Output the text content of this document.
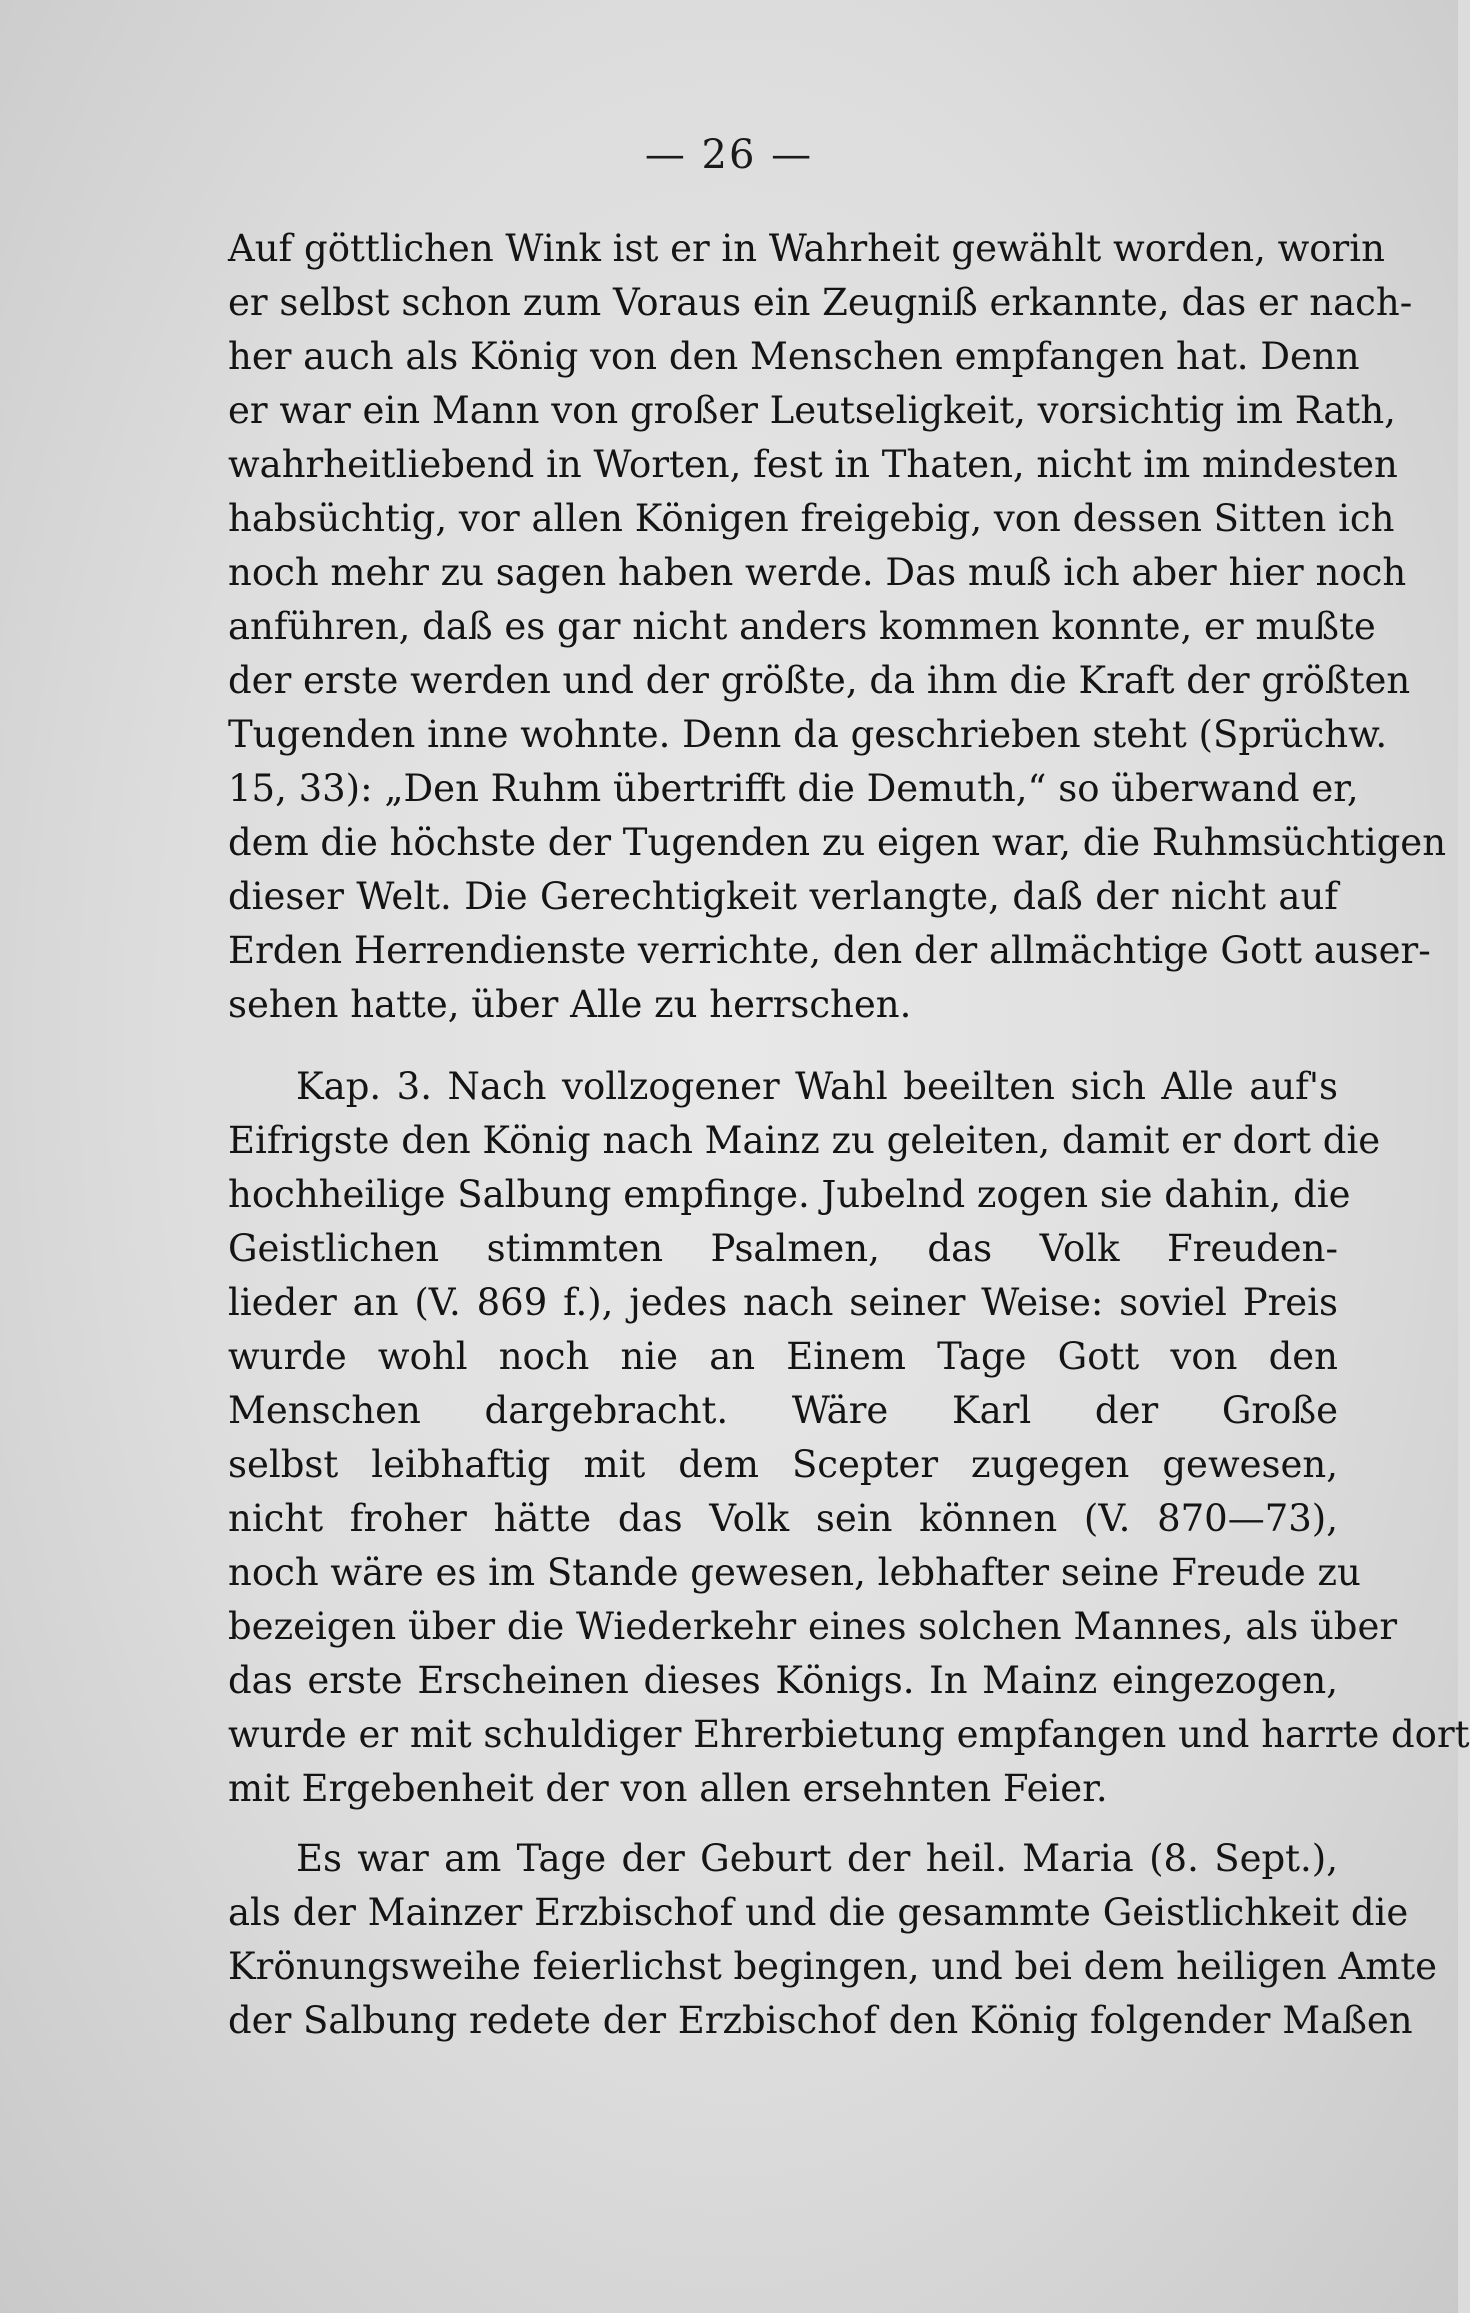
— 26 —
Auf göttlichen Wink ist er in Wahrheit gewählt worden, worin
er selbst schon zum Voraus ein Zeugniß erkannte, das er nach-
her auch als König von den Menschen empfangen hat. Denn
er war ein Mann von großer Leutseligkeit, vorsichtig im Rath,
wahrheitliebend in Worten, fest in Thaten, nicht im mindesten
habsüchtig, vor allen Königen freigebig, von dessen Sitten ich
noch mehr zu sagen haben werde. Das muß ich aber hier noch
anführen, daß es gar nicht anders kommen konnte, er mußte
der erste werden und der größte, da ihm die Kraft der größten
Tugenden inne wohnte. Denn da geschrieben steht (Sprüchw.
15, 33): „Den Ruhm übertrifft die Demuth,“ so überwand er,
dem die höchste der Tugenden zu eigen war, die Ruhmsüchtigen
dieser Welt. Die Gerechtigkeit verlangte, daß der nicht auf
Erden Herrendienste verrichte, den der allmächtige Gott auser-
sehen hatte, über Alle zu herrschen.
Kap. 3. Nach vollzogener Wahl beeilten sich Alle auf's
Eifrigste den König nach Mainz zu geleiten, damit er dort die
hochheilige Salbung empfinge. Jubelnd zogen sie dahin, die
Geistlichen stimmten Psalmen, das Volk Freuden-
lieder an (V. 869 f.), jedes nach seiner Weise: soviel Preis
wurde wohl noch nie an Einem Tage Gott von den
Menschen dargebracht. Wäre Karl der Große
selbst leibhaftig mit dem Scepter zugegen gewesen,
nicht froher hätte das Volk sein können (V. 870—73),
noch wäre es im Stande gewesen, lebhafter seine Freude zu
bezeigen über die Wiederkehr eines solchen Mannes, als über
das erste Erscheinen dieses Königs. In Mainz eingezogen,
wurde er mit schuldiger Ehrerbietung empfangen und harrte dort
mit Ergebenheit der von allen ersehnten Feier.
Es war am Tage der Geburt der heil. Maria (8. Sept.),
als der Mainzer Erzbischof und die gesammte Geistlichkeit die
Krönungsweihe feierlichst begingen, und bei dem heiligen Amte
der Salbung redete der Erzbischof den König folgender Maßen
